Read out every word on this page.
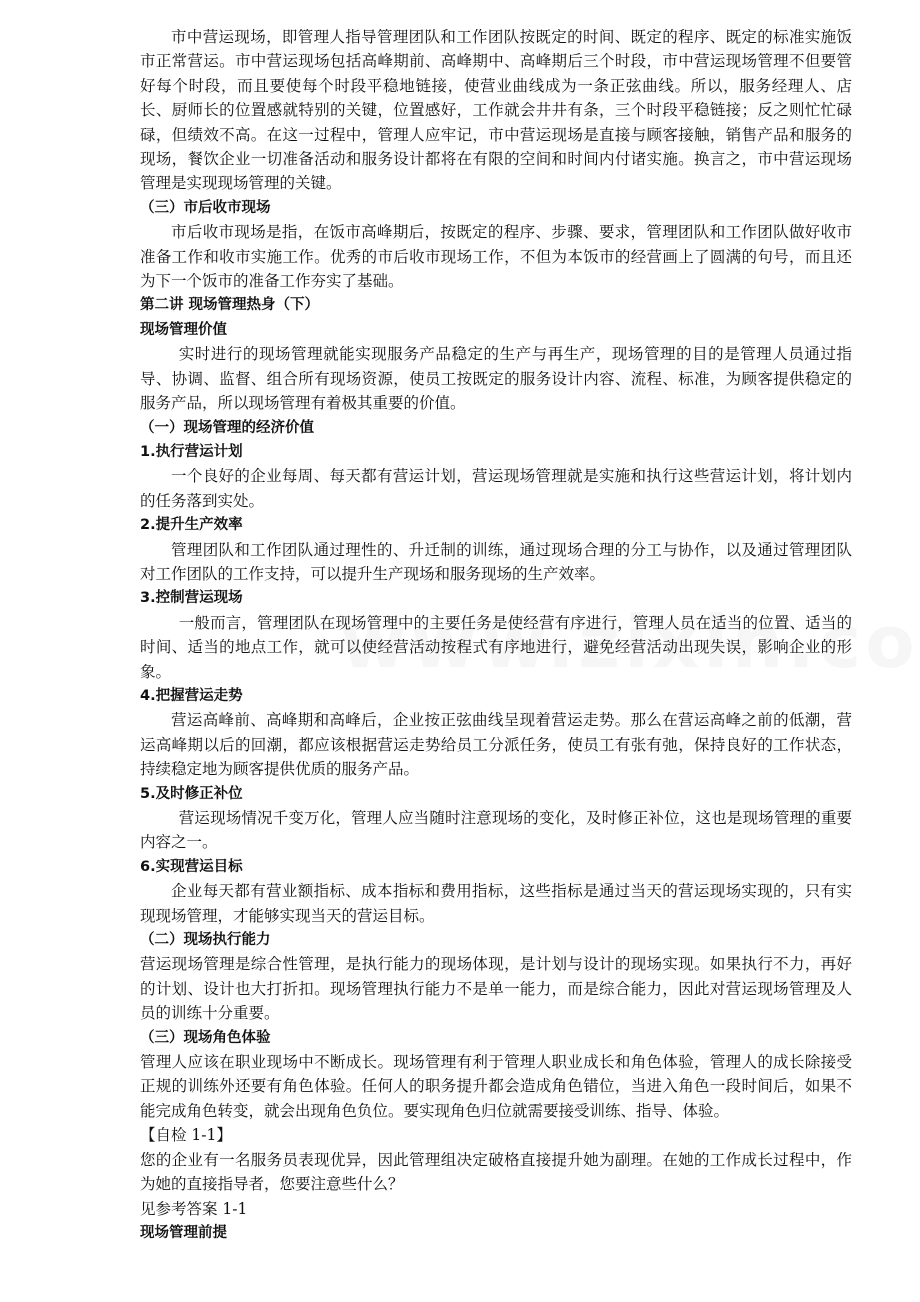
市中营运现场，即管理人指导管理团队和工作团队按既定的时间、既定的程序、既定的标准实施饭市正常营运。市中营运现场包括高峰期前、高峰期中、高峰期后三个时段，市中营运现场管理不但要管好每个时段，而且要使每个时段平稳地链接，使营业曲线成为一条正弦曲线。所以，服务经理人、店长、厨师长的位置感就特别的关键，位置感好，工作就会井井有条，三个时段平稳链接；反之则忙忙碌碌，但绩效不高。在这一过程中，管理人应牢记，市中营运现场是直接与顾客接触，销售产品和服务的现场，餐饮企业一切准备活动和服务设计都将在有限的空间和时间内付诸实施。换言之，市中营运现场管理是实现现场管理的关键。

（三）市后收市现场

市后收市现场是指，在饭市高峰期后，按既定的程序、步骤、要求，管理团队和工作团队做好收市准备工作和收市实施工作。优秀的市后收市现场工作，不但为本饭市的经营画上了圆满的句号，而且还为下一个饭市的准备工作夯实了基础。

第二讲 现场管理热身（下）

现场管理价值

实时进行的现场管理就能实现服务产品稳定的生产与再生产，现场管理的目的是管理人员通过指导、协调、监督、组合所有现场资源，使员工按既定的服务设计内容、流程、标准，为顾客提供稳定的服务产品，所以现场管理有着极其重要的价值。

（一）现场管理的经济价值

1.执行营运计划

一个良好的企业每周、每天都有营运计划，营运现场管理就是实施和执行这些营运计划，将计划内的任务落到实处。

2.提升生产效率

管理团队和工作团队通过理性的、升迁制的训练，通过现场合理的分工与协作，以及通过管理团队对工作团队的工作支持，可以提升生产现场和服务现场的生产效率。

3.控制营运现场

一般而言，管理团队在现场管理中的主要任务是使经营有序进行，管理人员在适当的位置、适当的时间、适当的地点工作，就可以使经营活动按程式有序地进行，避免经营活动出现失误，影响企业的形象。

4.把握营运走势

营运高峰前、高峰期和高峰后，企业按正弦曲线呈现着营运走势。那么在营运高峰之前的低潮，营运高峰期以后的回潮，都应该根据营运走势给员工分派任务，使员工有张有弛，保持良好的工作状态，持续稳定地为顾客提供优质的服务产品。

5.及时修正补位

营运现场情况千变万化，管理人应当随时注意现场的变化，及时修正补位，这也是现场管理的重要内容之一。

6.实现营运目标

企业每天都有营业额指标、成本指标和费用指标，这些指标是通过当天的营运现场实现的，只有实现现场管理，才能够实现当天的营运目标。

（二）现场执行能力

营运现场管理是综合性管理，是执行能力的现场体现，是计划与设计的现场实现。如果执行不力，再好的计划、设计也大打折扣。现场管理执行能力不是单一能力，而是综合能力，因此对营运现场管理及人员的训练十分重要。

（三）现场角色体验

管理人应该在职业现场中不断成长。现场管理有利于管理人职业成长和角色体验，管理人的成长除接受正规的训练外还要有角色体验。任何人的职务提升都会造成角色错位，当进入角色一段时间后，如果不能完成角色转变，就会出现角色负位。要实现角色归位就需要接受训练、指导、体验。

【自检 1-1】

您的企业有一名服务员表现优异，因此管理组决定破格直接提升她为副理。在她的工作成长过程中，作为她的直接指导者，您要注意些什么？

见参考答案 1-1

现场管理前提
